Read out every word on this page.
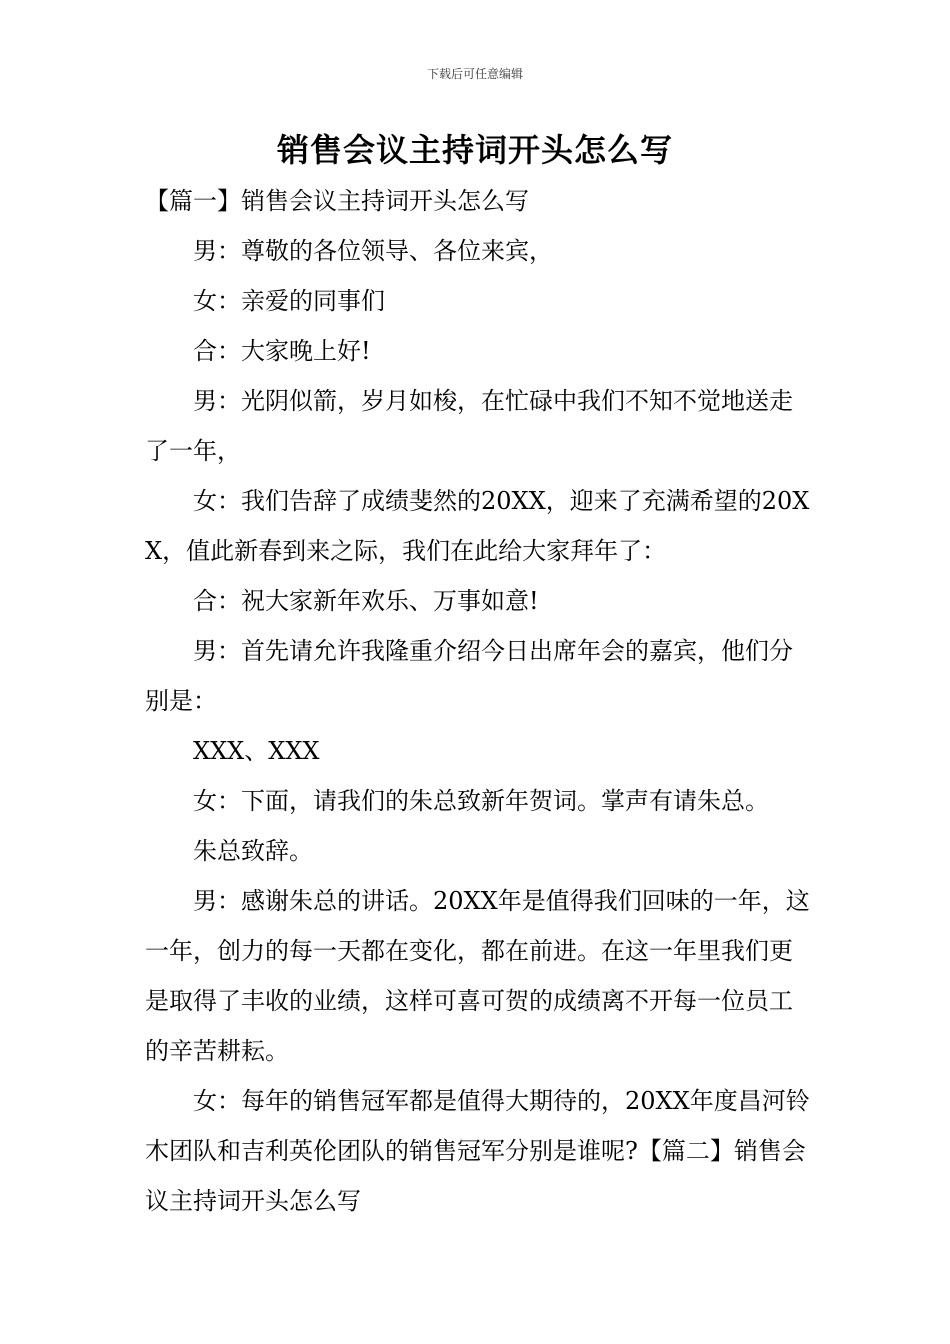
下载后可任意编辑
销售会议主持词开头怎么写

【篇一】销售会议主持词开头怎么写

男：尊敬的各位领导、各位来宾，

女：亲爱的同事们

合：大家晚上好!

男：光阴似箭，岁月如梭，在忙碌中我们不知不觉地送走了一年，

女：我们告辞了成绩斐然的20XX，迎来了充满希望的20XX，值此新春到来之际，我们在此给大家拜年了：

合：祝大家新年欢乐、万事如意!

男：首先请允许我隆重介绍今日出席年会的嘉宾，他们分别是：

XXX、XXX

女：下面，请我们的朱总致新年贺词。掌声有请朱总。

朱总致辞。

男：感谢朱总的讲话。20XX年是值得我们回味的一年，这一年，创力的每一天都在变化，都在前进。在这一年里我们更是取得了丰收的业绩，这样可喜可贺的成绩离不开每一位员工的辛苦耕耘。

女：每年的销售冠军都是值得大期待的，20XX年度昌河铃木团队和吉利英伦团队的销售冠军分别是谁呢?【篇二】销售会议主持词开头怎么写
